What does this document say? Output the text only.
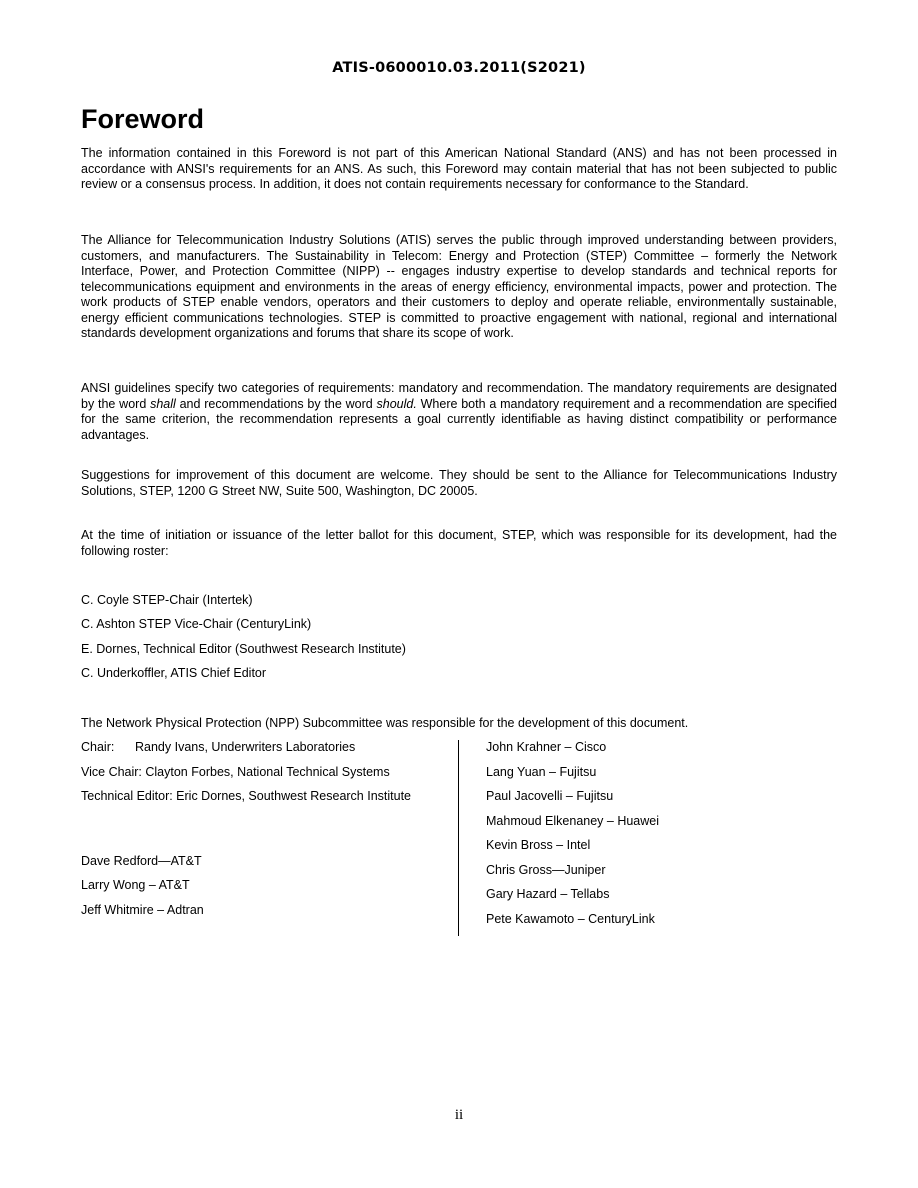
ATIS-0600010.03.2011(S2021)
Foreword

The information contained in this Foreword is not part of this American National Standard (ANS) and has not been processed in accordance with ANSI's requirements for an ANS. As such, this Foreword may contain material that has not been subjected to public review or a consensus process. In addition, it does not contain requirements necessary for conformance to the Standard.

The Alliance for Telecommunication Industry Solutions (ATIS) serves the public through improved understanding between providers, customers, and manufacturers. The Sustainability in Telecom: Energy and Protection (STEP) Committee – formerly the Network Interface, Power, and Protection Committee (NIPP) -- engages industry expertise to develop standards and technical reports for telecommunications equipment and environments in the areas of energy efficiency, environmental impacts, power and protection. The work products of STEP enable vendors, operators and their customers to deploy and operate reliable, environmentally sustainable, energy efficient communications technologies. STEP is committed to proactive engagement with national, regional and international standards development organizations and forums that share its scope of work.

ANSI guidelines specify two categories of requirements: mandatory and recommendation. The mandatory requirements are designated by the word shall and recommendations by the word should. Where both a mandatory requirement and a recommendation are specified for the same criterion, the recommendation represents a goal currently identifiable as having distinct compatibility or performance advantages.

Suggestions for improvement of this document are welcome. They should be sent to the Alliance for Telecommunications Industry Solutions, STEP, 1200 G Street NW, Suite 500, Washington, DC 20005.

At the time of initiation or issuance of the letter ballot for this document, STEP, which was responsible for its development, had the following roster:

C. Coyle STEP-Chair (Intertek)

C. Ashton STEP Vice-Chair (CenturyLink)

E. Dornes, Technical Editor (Southwest Research Institute)

C. Underkoffler, ATIS Chief Editor

The Network Physical Protection (NPP) Subcommittee was responsible for the development of this document.

Chair: Randy Ivans, Underwriters Laboratories

Vice Chair: Clayton Forbes, National Technical Systems

Technical Editor: Eric Dornes, Southwest Research Institute

Dave Redford—AT&T

Larry Wong – AT&T

Jeff Whitmire – Adtran

John Krahner – Cisco

Lang Yuan – Fujitsu

Paul Jacovelli – Fujitsu

Mahmoud Elkenaney – Huawei

Kevin Bross – Intel

Chris Gross—Juniper

Gary Hazard – Tellabs

Pete Kawamoto – CenturyLink

ii
